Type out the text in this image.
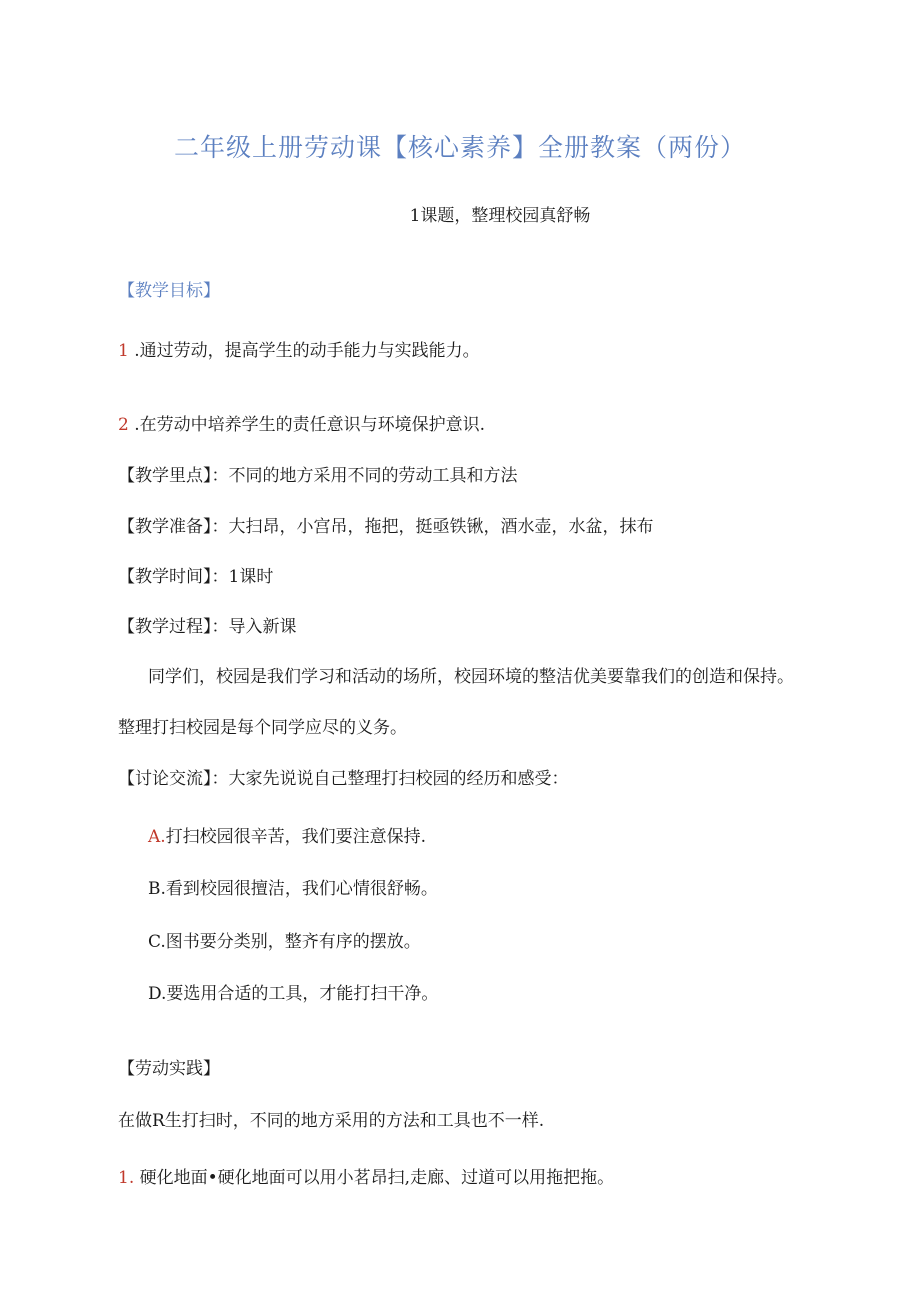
二年级上册劳动课【核心素养】全册教案（两份）
1课题，整理校园真舒畅
【教学目标】
1 .通过劳动，提高学生的动手能力与实践能力。
2 .在劳动中培养学生的责任意识与环境保护意识.
【教学里点】：不同的地方采用不同的劳动工具和方法
【教学准备】：大扫昂，小宫吊，拖把，挺亟铁锹，酒水壶，水盆，抹布
【教学时间】：1课时
【教学过程】：导入新课
同学们，校园是我们学习和活动的场所，校园环境的整洁优美要靠我们的创造和保持。
整理打扫校园是每个同学应尽的义务。
【讨论交流】：大家先说说自己整理打扫校园的经历和感受：
A.打扫校园很辛苦，我们要注意保持.
B.看到校园很擅洁，我们心情很舒畅。
C.图书要分类别，整齐有序的摆放。
D.要选用合适的工具，才能打扫干净。
【劳动实践】
在做R生打扫时，不同的地方采用的方法和工具也不一样.
1. 硬化地面•硬化地面可以用小茗昂扫,走廊、过道可以用拖把拖。
